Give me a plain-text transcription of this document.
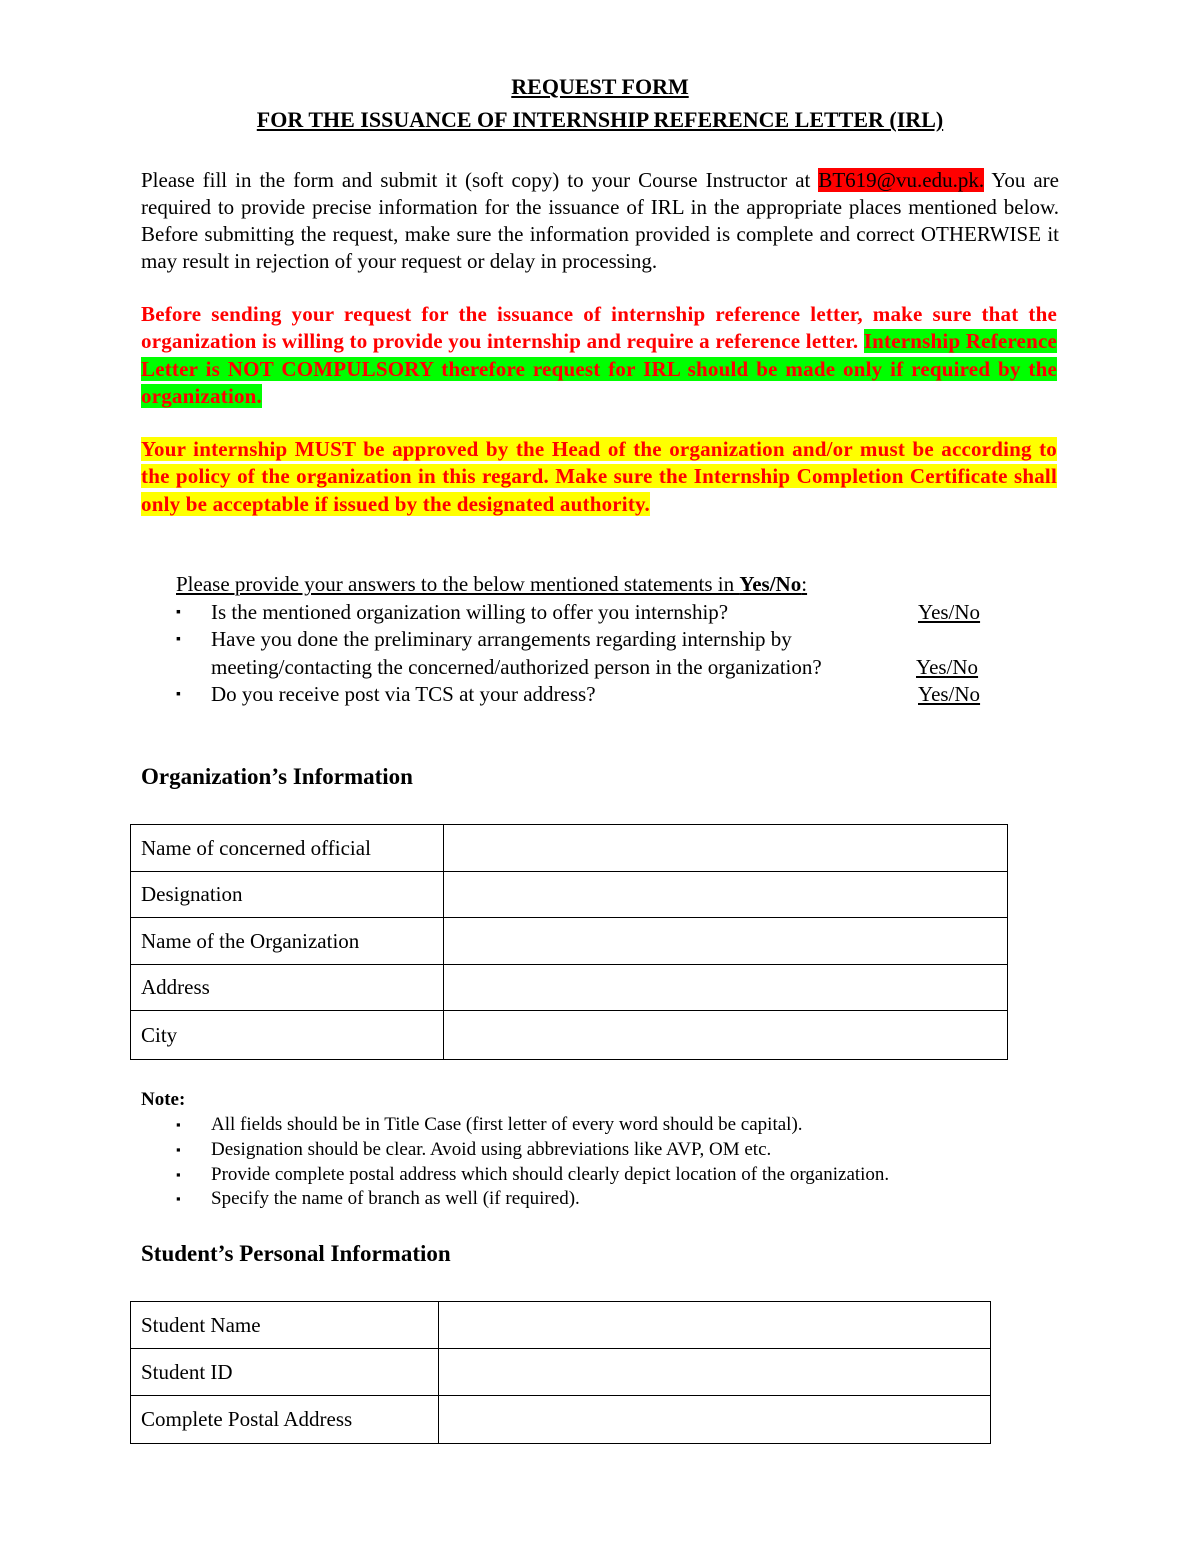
REQUEST FORM
FOR THE ISSUANCE OF INTERNSHIP REFERENCE LETTER (IRL)
Please fill in the form and submit it (soft copy) to your Course Instructor at BT619@vu.edu.pk. You are required to provide precise information for the issuance of IRL in the appropriate places mentioned below. Before submitting the request, make sure the information provided is complete and correct OTHERWISE it may result in rejection of your request or delay in processing.
Before sending your request for the issuance of internship reference letter, make sure that the organization is willing to provide you internship and require a reference letter. Internship Reference Letter is NOT COMPULSORY therefore request for IRL should be made only if required by the organization.
Your internship MUST be approved by the Head of the organization and/or must be according to the policy of the organization in this regard. Make sure the Internship Completion Certificate shall only be acceptable if issued by the designated authority.
Please provide your answers to the below mentioned statements in Yes/No:
▪ Is the mentioned organization willing to offer you internship?	Yes/No
▪ Have you done the preliminary arrangements regarding internship by
meeting/contacting the concerned/authorized person in the organization?	Yes/No
▪ Do you receive post via TCS at your address?	Yes/No
Organization’s Information
Name of concerned official	
Designation	
Name of the Organization	
Address	
City	
Note:
▪ All fields should be in Title Case (first letter of every word should be capital).
▪ Designation should be clear. Avoid using abbreviations like AVP, OM etc.
▪ Provide complete postal address which should clearly depict location of the organization.
▪ Specify the name of branch as well (if required).
Student’s Personal Information
Student Name	
Student ID	
Complete Postal Address	
